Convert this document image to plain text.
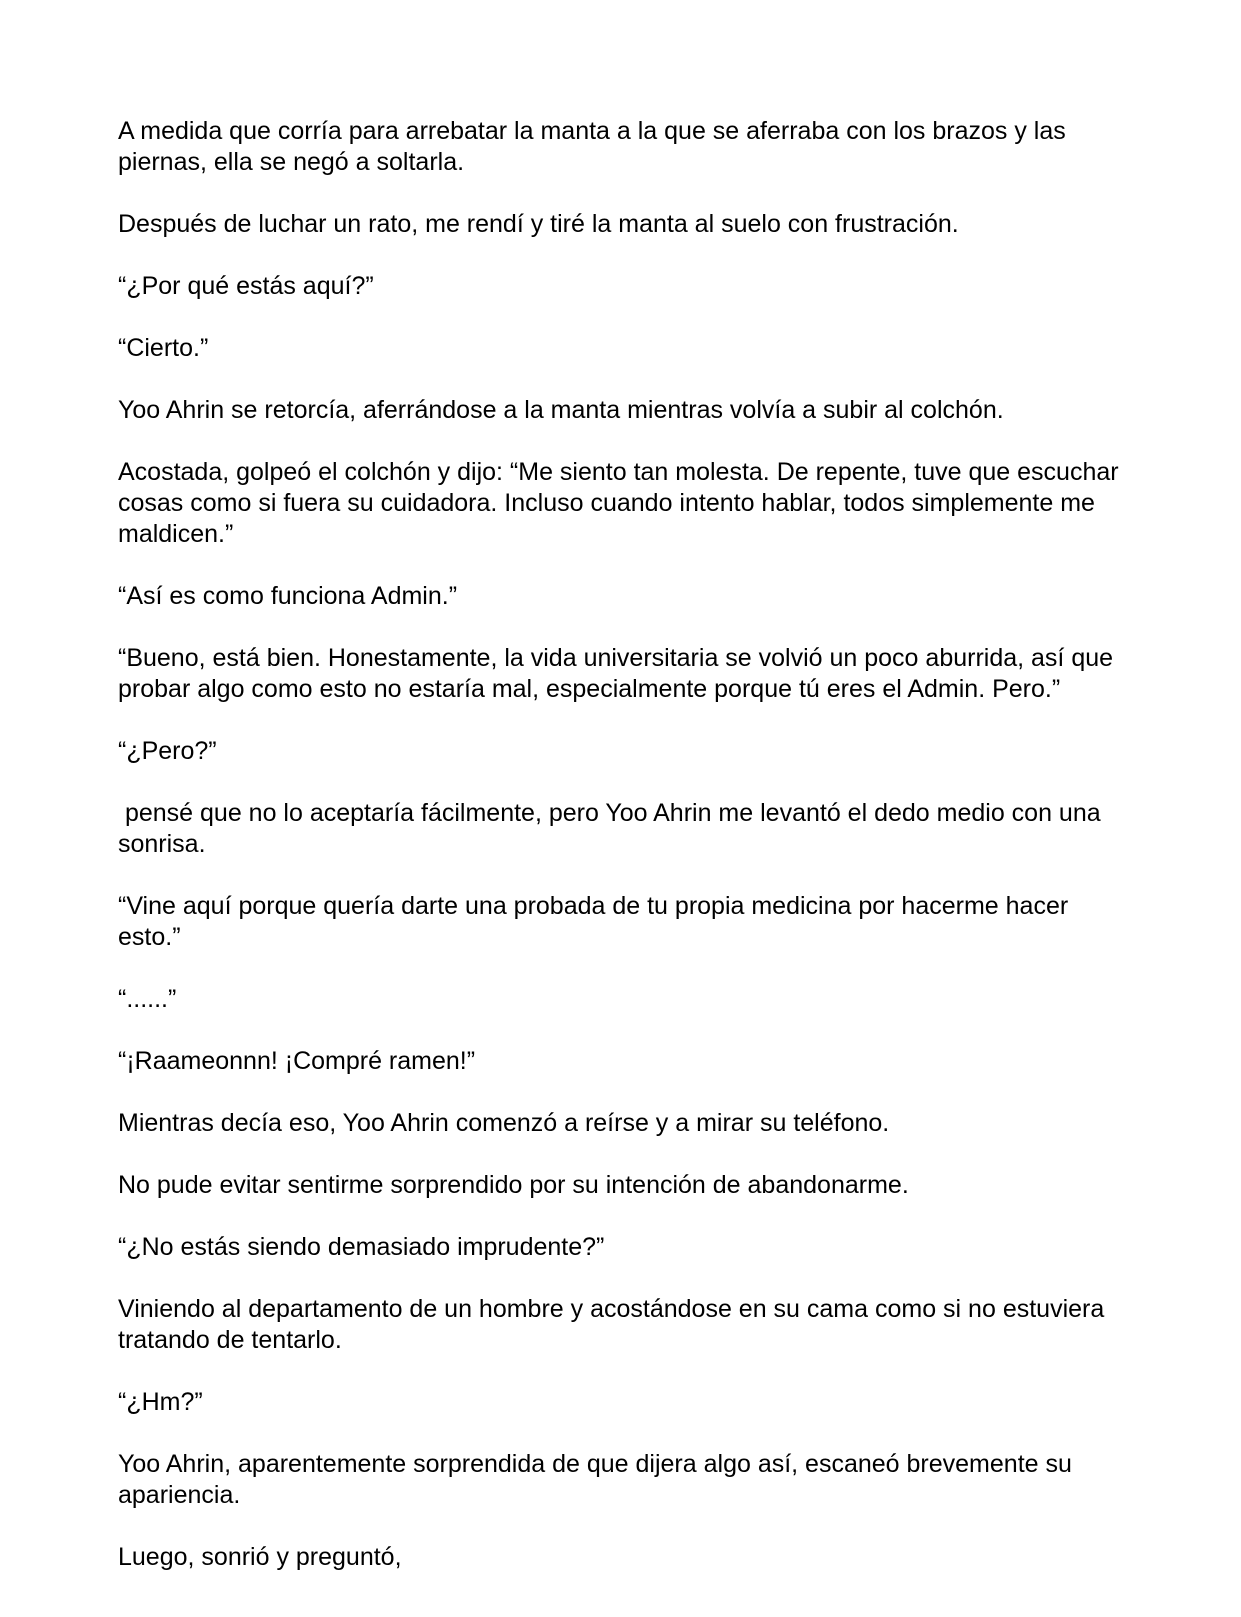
A medida que corría para arrebatar la manta a la que se aferraba con los brazos y las piernas, ella se negó a soltarla.

Después de luchar un rato, me rendí y tiré la manta al suelo con frustración.

“¿Por qué estás aquí?”

“Cierto.”

Yoo Ahrin se retorcía, aferrándose a la manta mientras volvía a subir al colchón.

Acostada, golpeó el colchón y dijo: “Me siento tan molesta. De repente, tuve que escuchar cosas como si fuera su cuidadora. Incluso cuando intento hablar, todos simplemente me maldicen.”

“Así es como funciona Admin.”

“Bueno, está bien. Honestamente, la vida universitaria se volvió un poco aburrida, así que probar algo como esto no estaría mal, especialmente porque tú eres el Admin. Pero.”

“¿Pero?”

pensé que no lo aceptaría fácilmente, pero Yoo Ahrin me levantó el dedo medio con una sonrisa.

“Vine aquí porque quería darte una probada de tu propia medicina por hacerme hacer esto.”

“......”

“¡Raameonnn! ¡Compré ramen!”

Mientras decía eso, Yoo Ahrin comenzó a reírse y a mirar su teléfono.

No pude evitar sentirme sorprendido por su intención de abandonarme.

“¿No estás siendo demasiado imprudente?”

Viniendo al departamento de un hombre y acostándose en su cama como si no estuviera tratando de tentarlo.

“¿Hm?”

Yoo Ahrin, aparentemente sorprendida de que dijera algo así, escaneó brevemente su apariencia.

Luego, sonrió y preguntó,
